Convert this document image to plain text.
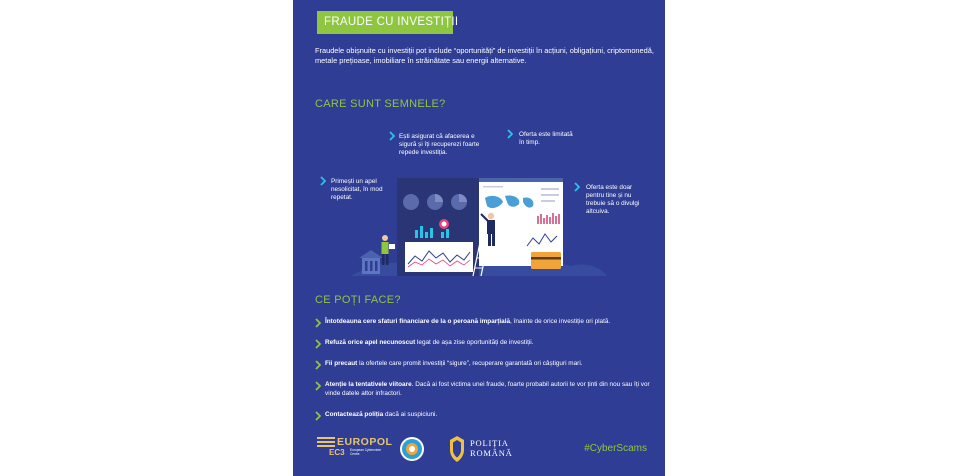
FRAUDE CU INVESTIȚII
Fraudele obișnuite cu investiții pot include “oportunități” de investiții în acțiuni, obligațiuni, criptomonedă, metale prețioase, imobiliare în străinătate sau energii alternative.
CARE SUNT SEMNELE?
Ești asigurat că afacerea e sigură și îți recuperezi foarte repede investiția.
Oferta este limitată în timp.
Primești un apel nesolicitat, în mod repetat.
Oferta este doar pentru tine și nu trebuie să o divulgi altcuiva.
CE POȚI FACE?
Întotdeauna cere sfaturi financiare de la o peroană imparțială, înainte de orice investiție ori plată.
Refuză orice apel necunoscut legat de așa zise oportunități de investiții.
Fii precaut la ofertele care promit investiții “sigure”, recuperare garantată ori câștiguri mari.
Atenție la tentativele viitoare. Dacă ai fost victima unei fraude, foarte probabil autorii te vor ținti din nou sau îți vor vinde datele altor infractori.
Contactează poliția dacă ai suspiciuni.
EUROPOL
EC3 European Cybercrime Centre
POLIȚIA
ROMÂNĂ	#CyberScams
